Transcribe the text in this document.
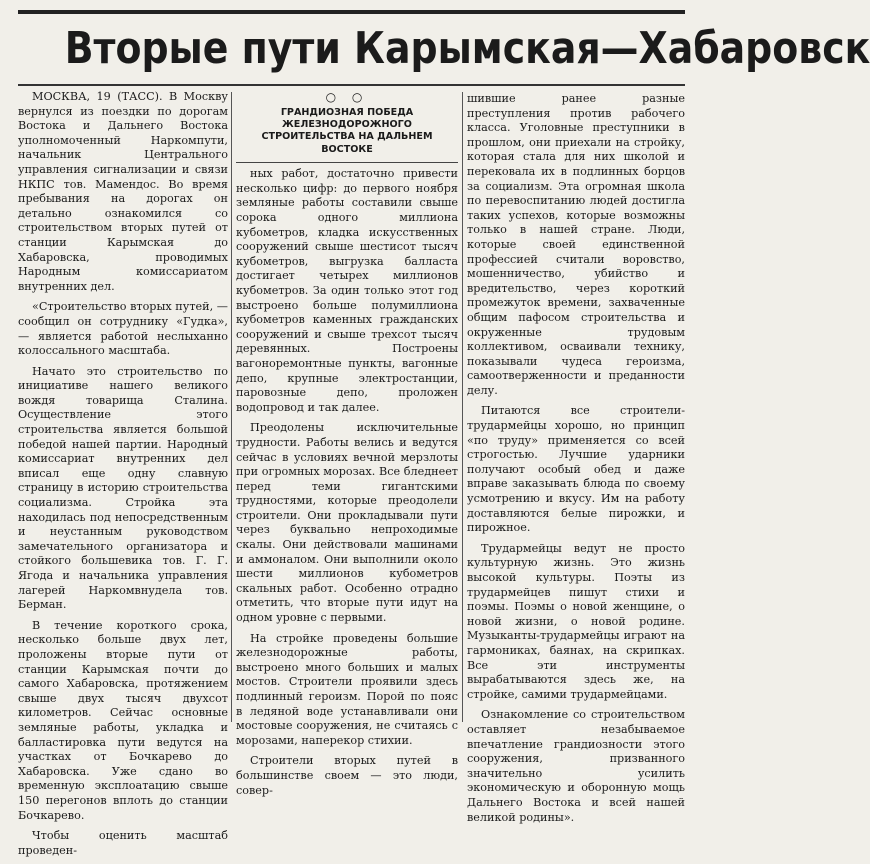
Вторые пути Карымская—Хабаровск

МОСКВА, 19 (ТАСС). В Москву вернулся из поездки по дорогам Востока и Дальнего Востока уполномоченный Наркомпути, начальник Центрального управления сигнализации и связи НКПС тов. Мамендос. Во время пребывания на дорогах он детально ознакомился со строительством вторых путей от станции Карымская до Хабаровска, проводимых Народным комиссариатом внутренних дел.

«Строительство вторых путей, — сообщил он сотруднику «Гудка», — является работой неслыханно колоссального масштаба.

Начато это строительство по инициативе нашего великого вождя товарища Сталина. Осуществление этого строительства является большой победой нашей партии. Народный комиссариат внутренних дел вписал еще одну славную страницу в историю строительства социализма. Стройка эта находилась под непосредственным и неустанным руководством замечательного организатора и стойкого большевика тов. Г. Г. Ягода и начальника управления лагерей Наркомвнудела тов. Берман.

В течение короткого срока, несколько больше двух лет, проложены вторые пути от станции Карымская почти до самого Хабаровска, протяжением свыше двух тысяч двухсот километров. Сейчас основные земляные работы, укладка и балластировка пути ведутся на участках от Бочкарево до Хабаровска. Уже сдано во временную эксплоатацию свыше 150 перегонов вплоть до станции Бочкарево.

Чтобы оценить масштаб проведен-

○ ○
ГРАНДИОЗНАЯ ПОБЕДА ЖЕЛЕЗНОДОРОЖНОГО СТРОИТЕЛЬСТВА НА ДАЛЬНЕМ ВОСТОКЕ

ных работ, достаточно привести несколько цифр: до первого ноября земляные работы составили свыше сорока одного миллиона кубометров, кладка искусственных сооружений свыше шестисот тысяч кубометров, выгрузка балласта достигает четырех миллионов кубометров. За один только этот год выстроено больше полумиллиона кубометров каменных гражданских сооружений и свыше трехсот тысяч деревянных. Построены вагоноремонтные пункты, вагонные депо, крупные электростанции, паровозные депо, проложен водопровод и так далее.

Преодолены исключительные трудности. Работы велись и ведутся сейчас в условиях вечной мерзлоты при огромных морозах. Все бледнеет перед теми гигантскими трудностями, которые преодолели строители. Они прокладывали пути через буквально непроходимые скалы. Они действовали машинами и аммоналом. Они выполнили около шести миллионов кубометров скальных работ. Особенно отрадно отметить, что вторые пути идут на одном уровне с первыми.

На стройке проведены большие железнодорожные работы, выстроено много больших и малых мостов. Строители проявили здесь подлинный героизм. Порой по пояс в ледяной воде устанавливали они мостовые сооружения, не считаясь с морозами, наперекор стихии.

Строители вторых путей в большинстве своем — это люди, совер-

шившие ранее разные преступления против рабочего класса. Уголовные преступники в прошлом, они приехали на стройку, которая стала для них школой и перековала их в подлинных борцов за социализм. Эта огромная школа по перевоспитанию людей достигла таких успехов, которые возможны только в нашей стране. Люди, которые своей единственной профессией считали воровство, мошенничество, убийство и вредительство, через короткий промежуток времени, захваченные общим пафосом строительства и окруженные трудовым коллективом, осваивали технику, показывали чудеса героизма, самоотверженности и преданности делу.

Питаются все строители-трудармейцы хорошо, но принцип «по труду» применяется со всей строгостью. Лучшие ударники получают особый обед и даже вправе заказывать блюда по своему усмотрению и вкусу. Им на работу доставляются белые пирожки, и пирожное.

Трудармейцы ведут не просто культурную жизнь. Это жизнь высокой культуры. Поэты из трудармейцев пишут стихи и поэмы. Поэмы о новой женщине, о новой жизни, о новой родине. Музыканты-трудармейцы играют на гармониках, баянах, на скрипках. Все эти инструменты вырабатываются здесь же, на стройке, самими трудармейцами.

Ознакомление со строительством оставляет незабываемое впечатление грандиозности этого сооружения, призванного значительно усилить экономическую и оборонную мощь Дальнего Востока и всей нашей великой родины».
